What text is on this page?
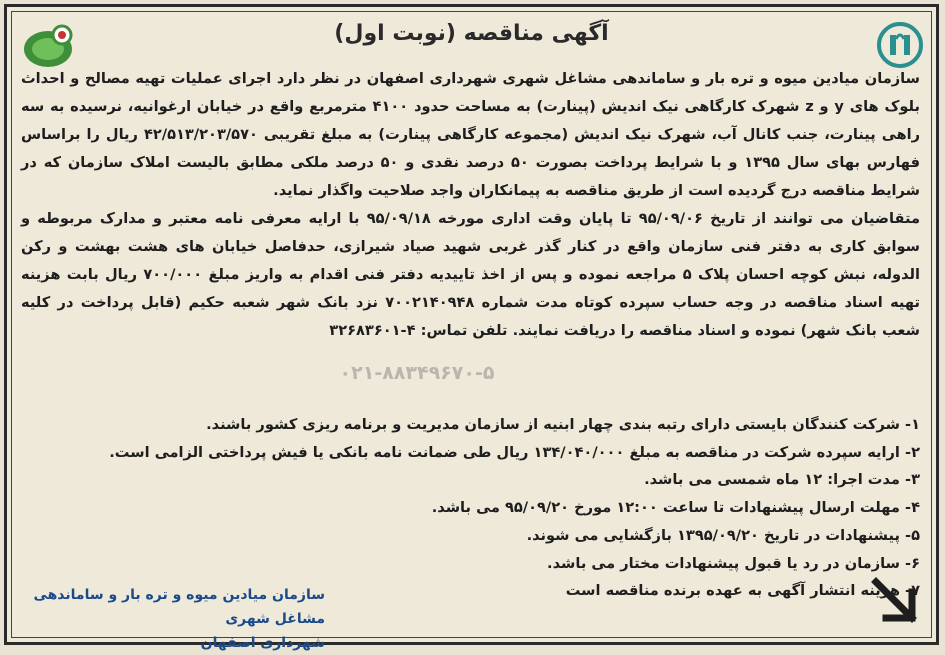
آگهی مناقصه (نوبت اول)

سازمان میادین میوه و تره بار و ساماندهی مشاغل شهری شهرداری اصفهان در نظر دارد اجرای عملیات تهیه مصالح و احداث بلوک های y و z شهرک کارگاهی نیک اندیش (پینارت) به مساحت حدود ۴۱۰۰ مترمربع واقع در خیابان ارغوانیه، نرسیده به سه راهی پینارت، جنب کانال آب، شهرک نیک اندیش (مجموعه کارگاهی پینارت) به مبلغ تقریبی ۴۲/۵۱۳/۲۰۳/۵۷۰ ریال را براساس فهارس بهای سال ۱۳۹۵ و با شرایط پرداخت بصورت ۵۰ درصد نقدی و ۵۰ درصد ملکی مطابق بالیست املاک سازمان که در شرایط مناقصه درج گردیده است از طریق مناقصه به پیمانکاران واجد صلاحیت واگذار نماید.

متقاضیان می توانند از تاریخ ۹۵/۰۹/۰۶ تا پایان وقت اداری مورخه ۹۵/۰۹/۱۸ با ارایه معرفی نامه معتبر و مدارک مربوطه و سوابق کاری به دفتر فنی سازمان واقع در کنار گذر غربی شهید صیاد شیرازی، حدفاصل خیابان های هشت بهشت و رکن الدوله، نبش کوچه احسان پلاک ۵ مراجعه نموده و پس از اخذ تاییدیه دفتر فنی اقدام به واریز مبلغ ۷۰۰/۰۰۰ ریال بابت هزینه تهیه اسناد مناقصه در وجه حساب سپرده کوتاه مدت شماره ۷۰۰۲۱۴۰۹۴۸ نزد بانک شهر شعبه حکیم (قابل پرداخت در کلیه شعب بانک شهر) نموده و اسناد مناقصه را دریافت نمایند. تلفن تماس: ۴-۳۲۶۸۳۶۰۱

۰۲۱-۸۸۳۴۹۶۷۰-۵
۱- شرکت کنندگان بایستی دارای رتبه بندی چهار ابنیه از سازمان مدیریت و برنامه ریزی کشور باشند.
۲- ارایه سپرده شرکت در مناقصه به مبلغ ۱۳۴/۰۴۰/۰۰۰ ریال طی ضمانت نامه بانکی یا فیش پرداختی الزامی است.
۳- مدت اجرا: ۱۲ ماه شمسی می باشد.
۴- مهلت ارسال پیشنهادات تا ساعت ۱۲:۰۰ مورخ ۹۵/۰۹/۲۰ می باشد.
۵- پیشنهادات در تاریخ ۱۳۹۵/۰۹/۲۰ بازگشایی می شوند.
۶- سازمان در رد یا قبول پیشنهادات مختار می باشد.
۷- هزینه انتشار آگهی به عهده برنده مناقصه است
سازمان میادین میوه و تره بار و ساماندهی مشاغل شهری
شهرداری اصفهان
